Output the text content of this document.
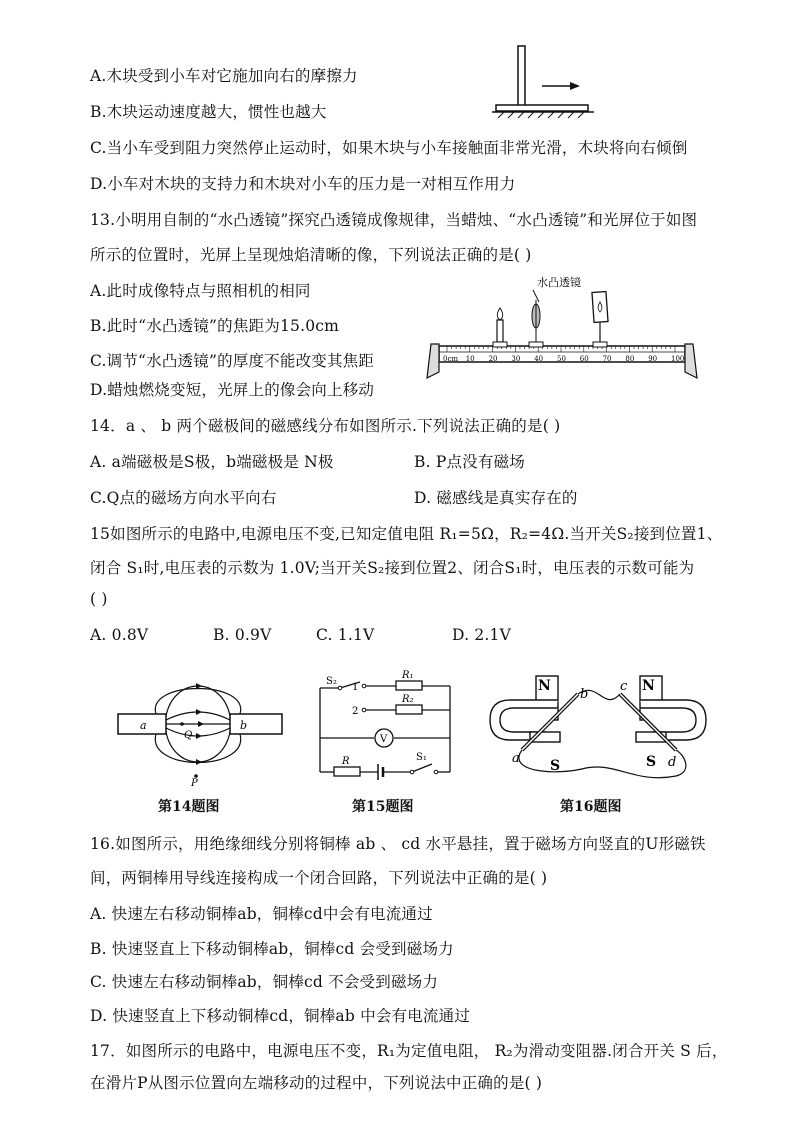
A.木块受到小车对它施加向右的摩擦力
B.木块运动速度越大，惯性也越大
C.当小车受到阻力突然停止运动时，如果木块与小车接触面非常光滑，木块将向右倾倒
D.小车对木块的支持力和木块对小车的压力是一对相互作用力
13.小明用自制的“水凸透镜”探究凸透镜成像规律，当蜡烛、“水凸透镜”和光屏位于如图
所示的位置时，光屏上呈现烛焰清晰的像，下列说法正确的是( )
A.此时成像特点与照相机的相同
B.此时“水凸透镜”的焦距为15.0cm
C.调节“水凸透镜”的厚度不能改变其焦距
D.蜡烛燃烧变短，光屏上的像会向上移动
水凸透镜
0cm 10 20 30 40 50 60 70 80 90 100
14．a 、 b 两个磁极间的磁感线分布如图所示.下列说法正确的是( )
A. a端磁极是S极，b端磁极是 N极	B. P点没有磁场
C.Q点的磁场方向水平向右	D. 磁感线是真实存在的
15如图所示的电路中,电源电压不变,已知定值电阻 R₁=5Ω，R₂=4Ω.当开关S₂接到位置1、
闭合 S₁时,电压表的示数为 1.0V;当开关S₂接到位置2、闭合S₁时，电压表的示数可能为
( )
A. 0.8V	B. 0.9V	C. 1.1V	D. 2.1V
a	b
Q
P
第14题图
S₂
1
2
R₁
R₂
V
R	S₁
第15题图
N	N
S	S
a
b
c
d
第16题图
16.如图所示，用绝缘细线分别将铜棒 ab 、 cd 水平悬挂，置于磁场方向竖直的U形磁铁
间，两铜棒用导线连接构成一个闭合回路，下列说法中正确的是( )
A. 快速左右移动铜棒ab，铜棒cd中会有电流通过
B. 快速竖直上下移动铜棒ab，铜棒cd 会受到磁场力
C. 快速左右移动铜棒ab，铜棒cd 不会受到磁场力
D. 快速竖直上下移动铜棒cd，铜棒ab 中会有电流通过
17．如图所示的电路中，电源电压不变，R₁为定值电阻， R₂为滑动变阻器.闭合开关 S 后，
在滑片P从图示位置向左端移动的过程中，下列说法中正确的是( )
